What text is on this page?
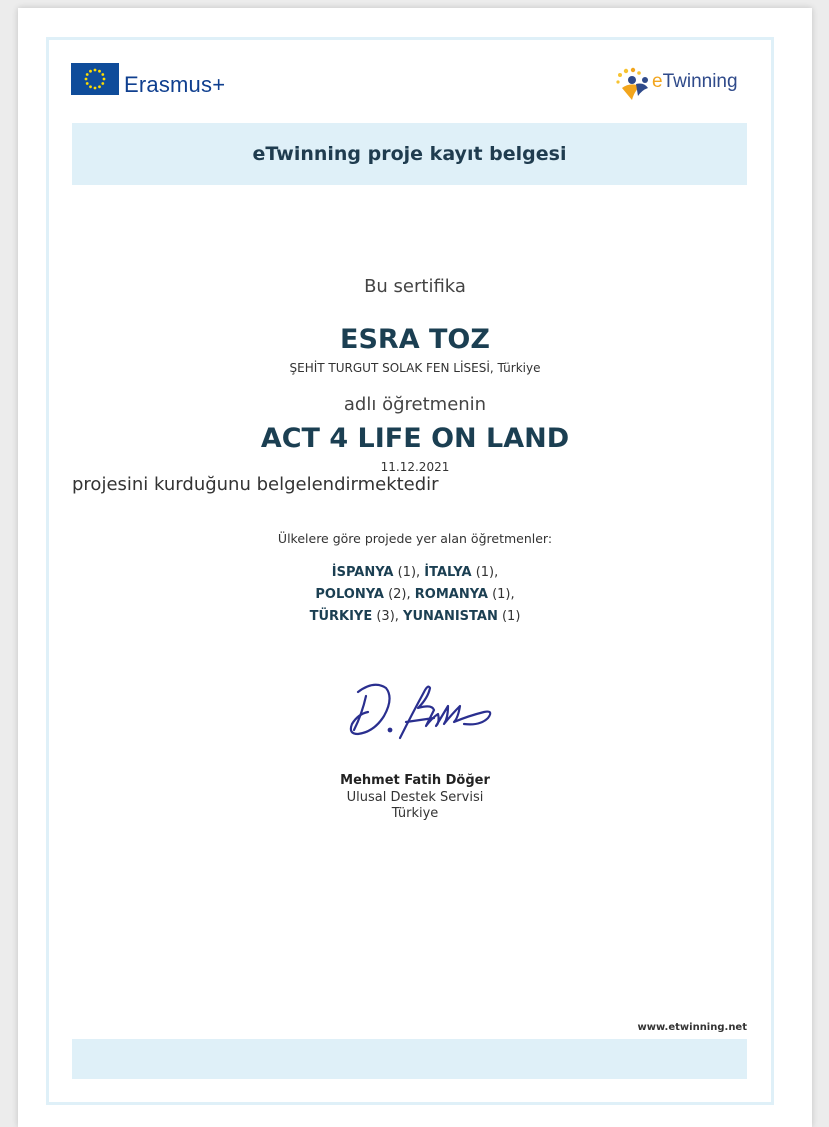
Erasmus+	eTwinning
eTwinning proje kayıt belgesi
Bu sertifika
ESRA TOZ
ŞEHİT TURGUT SOLAK FEN LİSESİ, Türkiye
adlı öğretmenin
ACT 4 LIFE ON LAND
11.12.2021
projesini kurduğunu belgelendirmektedir
Ülkelere göre projede yer alan öğretmenler:
İSPANYA (1), İTALYA (1),
POLONYA (2), ROMANYA (1),
TÜRKIYE (3), YUNANISTAN (1)
Mehmet Fatih Döğer
Ulusal Destek Servisi
Türkiye
www.etwinning.net
